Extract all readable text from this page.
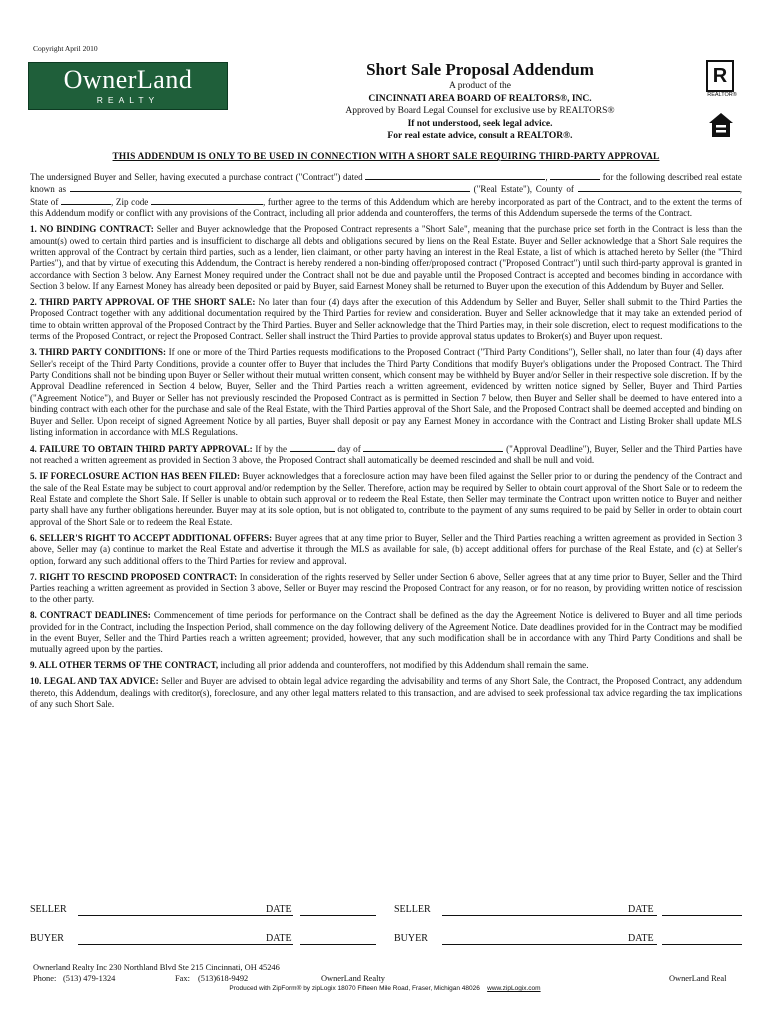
Copyright April 2010
OwnerLand
REALTY
Short Sale Proposal Addendum
A product of the
CINCINNATI AREA BOARD OF REALTORS®, INC.
Approved by Board Legal Counsel for exclusive use by REALTORS®
If not understood, seek legal advice.
For real estate advice, consult a REALTOR®.
R
REALTOR®
THIS ADDENDUM IS ONLY TO BE USED IN CONNECTION WITH A SHORT SALE REQUIRING THIRD-PARTY APPROVAL

The undersigned Buyer and Seller, having executed a purchase contract ("Contract") dated	,	for the following described real estate known as	("Real Estate"), County of	, State of	, Zip code	, further agree to the terms of this Addendum which are hereby incorporated as part of the Contract, and to the extent the terms of this Addendum modify or conflict with any provisions of the Contract, including all prior addenda and counteroffers, the terms of this Addendum supersede the terms of the Contract.

1. NO BINDING CONTRACT: Seller and Buyer acknowledge that the Proposed Contract represents a "Short Sale", meaning that the purchase price set forth in the Contract is less than the amount(s) owed to certain third parties and is insufficient to discharge all debts and obligations secured by liens on the Real Estate. Buyer and Seller acknowledge that a Short Sale requires the written approval of the Contract by certain third parties, such as a lender, lien claimant, or other party having an interest in the Real Estate, a list of which is attached hereto by Seller (the "Third Parties"), and that by virtue of executing this Addendum, the Contract is hereby rendered a non-binding offer/proposed contract ("Proposed Contract") until such third-party approval is granted in accordance with Section 3 below. Any Earnest Money required under the Contract shall not be due and payable until the Proposed Contract is accepted and becomes binding in accordance with Section 3 below. If any Earnest Money has already been deposited or paid by Buyer, said Earnest Money shall be returned to Buyer upon the execution of this Addendum by Buyer and Seller.

2. THIRD PARTY APPROVAL OF THE SHORT SALE: No later than four (4) days after the execution of this Addendum by Seller and Buyer, Seller shall submit to the Third Parties the Proposed Contract together with any additional documentation required by the Third Parties for review and consideration. Buyer and Seller acknowledge that it may take an extended period of time to obtain written approval of the Proposed Contract by the Third Parties. Buyer and Seller acknowledge that the Third Parties may, in their sole discretion, elect to request modifications to the terms of the Proposed Contract, or reject the Proposed Contract. Seller shall instruct the Third Parties to provide approval status updates to Broker(s) and Buyer upon request.

3. THIRD PARTY CONDITIONS: If one or more of the Third Parties requests modifications to the Proposed Contract ("Third Party Conditions"), Seller shall, no later than four (4) days after Seller's receipt of the Third Party Conditions, provide a counter offer to Buyer that includes the Third Party Conditions that modify Buyer's obligations under the Proposed Contract. The Third Party Conditions shall not be binding upon Buyer or Seller without their mutual written consent, which consent may be withheld by Buyer and/or Seller in their respective sole discretion. If by the Approval Deadline referenced in Section 4 below, Buyer, Seller and the Third Parties reach a written agreement, evidenced by written notice signed by Seller, Buyer and Third Parties ("Agreement Notice"), and Buyer or Seller has not previously rescinded the Proposed Contract as is permitted in Section 7 below, then Buyer and Seller shall be deemed to have entered into a binding contract with each other for the purchase and sale of the Real Estate, with the Third Parties approval of the Short Sale, and the Proposed Contract shall be deemed accepted and binding on Buyer and Seller. Upon receipt of signed Agreement Notice by all parties, Buyer shall deposit or pay any Earnest Money in accordance with the Contract and Listing Broker shall update MLS listing information in accordance with MLS Regulations.

4. FAILURE TO OBTAIN THIRD PARTY APPROVAL: If by the	day of	("Approval Deadline"), Buyer, Seller and the Third Parties have not reached a written agreement as provided in Section 3 above, the Proposed Contract shall automatically be deemed rescinded and shall be null and void.

5. IF FORECLOSURE ACTION HAS BEEN FILED: Buyer acknowledges that a foreclosure action may have been filed against the Seller prior to or during the pendency of the Contract and the sale of the Real Estate may be subject to court approval and/or redemption by the Seller. Therefore, action may be required by Seller to obtain court approval of the Short Sale or to redeem the Real Estate and complete the Short Sale. If Seller is unable to obtain such approval or to redeem the Real Estate, then Seller may terminate the Contract upon written notice to Buyer and neither party shall have any further obligations hereunder. Buyer may at its sole option, but is not obligated to, contribute to the payment of any sums required to be paid by Seller in order to obtain court approval of the Short Sale or to redeem the Real Estate.

6. SELLER'S RIGHT TO ACCEPT ADDITIONAL OFFERS: Buyer agrees that at any time prior to Buyer, Seller and the Third Parties reaching a written agreement as provided in Section 3 above, Seller may (a) continue to market the Real Estate and advertise it through the MLS as available for sale, (b) accept additional offers for purchase of the Real Estate, and (c) at Seller's option, forward any such additional offers to the Third Parties for review and approval.

7. RIGHT TO RESCIND PROPOSED CONTRACT: In consideration of the rights reserved by Seller under Section 6 above, Seller agrees that at any time prior to Buyer, Seller and the Third Parties reaching a written agreement as provided in Section 3 above, Seller or Buyer may rescind the Proposed Contract for any reason, or for no reason, by providing written notice of rescission to the other party.

8. CONTRACT DEADLINES: Commencement of time periods for performance on the Contract shall be defined as the day the Agreement Notice is delivered to Buyer and all time periods provided for in the Contract, including the Inspection Period, shall commence on the day following delivery of the Agreement Notice. Date deadlines provided for in the Contract may be modified in the event Buyer, Seller and the Third Parties reach a written agreement; provided, however, that any such modification shall be in accordance with any Third Party Conditions and shall be mutually agreed upon by the parties.

9. ALL OTHER TERMS OF THE CONTRACT, including all prior addenda and counteroffers, not modified by this Addendum shall remain the same.

10. LEGAL AND TAX ADVICE: Seller and Buyer are advised to obtain legal advice regarding the advisability and terms of any Short Sale, the Contract, the Proposed Contract, any addendum thereto, this Addendum, dealings with creditor(s), foreclosure, and any other legal matters related to this transaction, and are advised to seek professional tax advice regarding the tax implications of any such Short Sale.

SELLER	DATE	SELLER	DATE
BUYER	DATE	BUYER	DATE
Ownerland Realty Inc 230 Northland Blvd Ste 215 Cincinnati, OH 45246
Phone: (513) 479-1324	Fax: (513)618-9492	OwnerLand Realty	OwnerLand Real
Produced with ZipForm® by zipLogix 18070 Fifteen Mile Road, Fraser, Michigan 48026 www.zipLogix.com
